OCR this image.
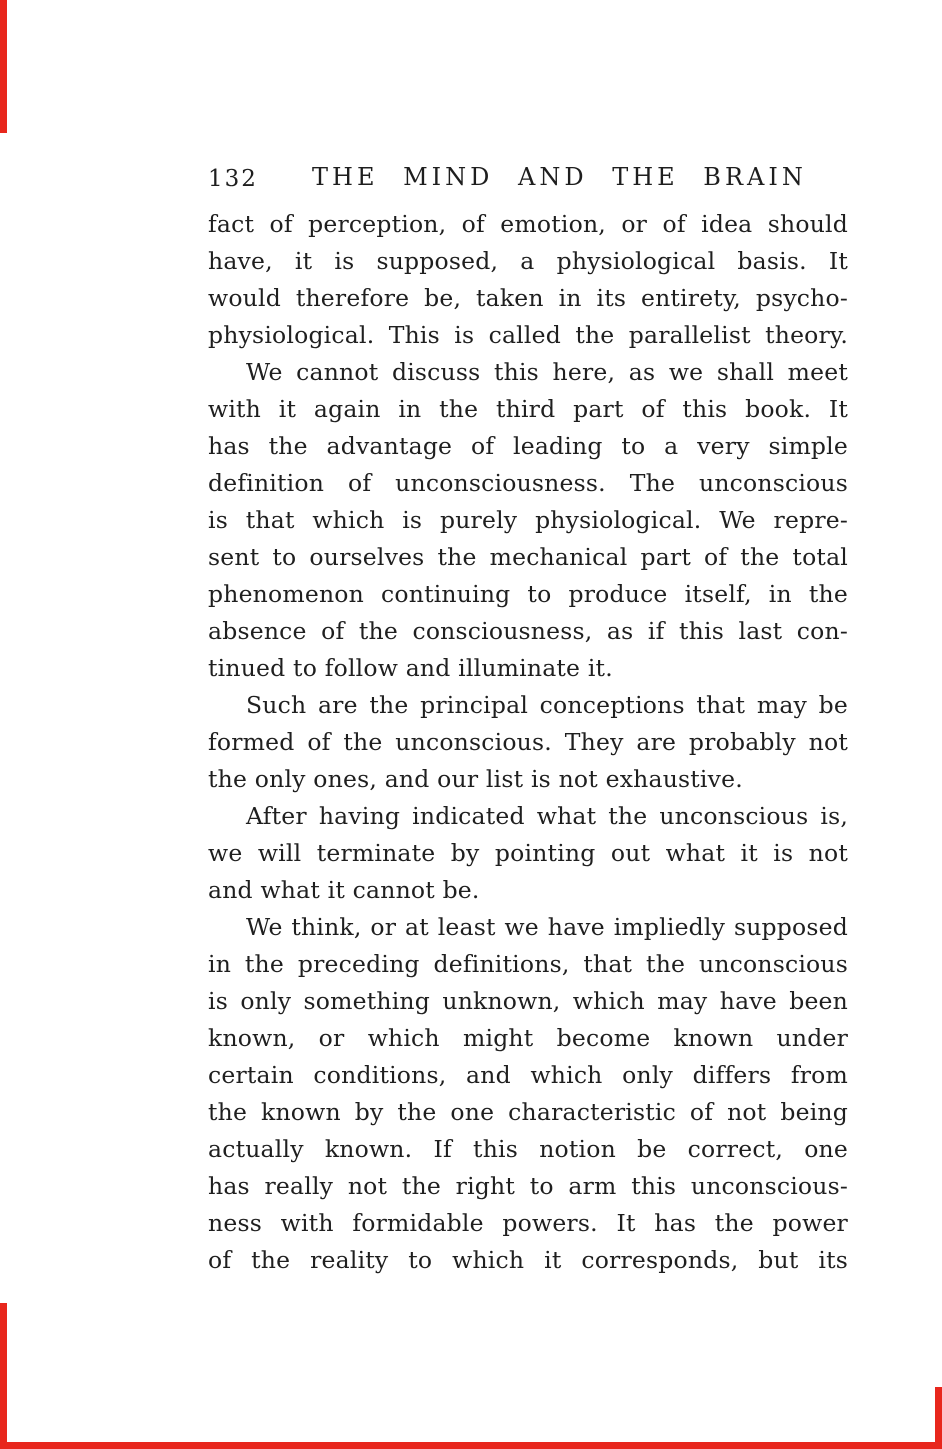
132 THE MIND AND THE BRAIN
fact of perception, of emotion, or of idea should
have, it is supposed, a physiological basis. It
would therefore be, taken in its entirety, psycho-
physiological. This is called the parallelist theory.
We cannot discuss this here, as we shall meet
with it again in the third part of this book. It
has the advantage of leading to a very simple
definition of unconsciousness. The unconscious
is that which is purely physiological. We repre-
sent to ourselves the mechanical part of the total
phenomenon continuing to produce itself, in the
absence of the consciousness, as if this last con-
tinued to follow and illuminate it.
Such are the principal conceptions that may be
formed of the unconscious. They are probably not
the only ones, and our list is not exhaustive.
After having indicated what the unconscious is,
we will terminate by pointing out what it is not
and what it cannot be.
We think, or at least we have impliedly supposed
in the preceding definitions, that the unconscious
is only something unknown, which may have been
known, or which might become known under
certain conditions, and which only differs from
the known by the one characteristic of not being
actually known. If this notion be correct, one
has really not the right to arm this unconscious-
ness with formidable powers. It has the power
of the reality to which it corresponds, but its
